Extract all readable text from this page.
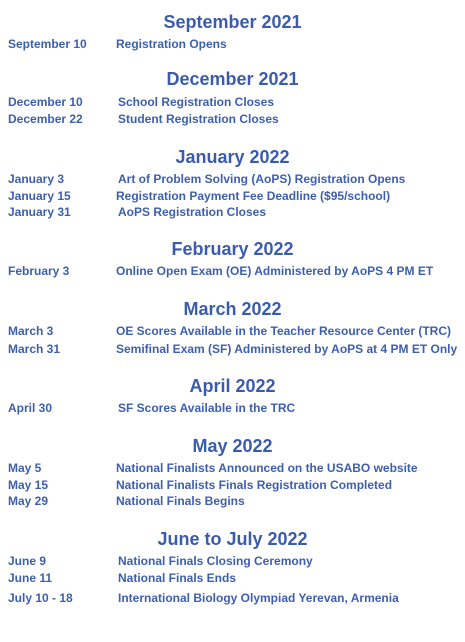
September 2021
September 10 Registration Opens
December 2021
December 10	School Registration Closes
December 22	Student Registration Closes
January 2022
January 3	Art of Problem Solving (AoPS) Registration Opens
January 15	Registration Payment Fee Deadline ($95/school)
January 31	AoPS Registration Closes
February 2022
February 3	Online Open Exam (OE) Administered by AoPS 4 PM ET
March 2022
March 3	OE Scores Available in the Teacher Resource Center (TRC)
March 31	Semifinal Exam (SF) Administered by AoPS at 4 PM ET Only
April 2022
April 30	SF Scores Available in the TRC
May 2022
May 5	National Finalists Announced on the USABO website
May 15	National Finalists Finals Registration Completed
May 29	National Finals Begins
June to July 2022
June 9	National Finals Closing Ceremony
June 11	National Finals Ends
July 10 - 18	International Biology Olympiad Yerevan, Armenia
